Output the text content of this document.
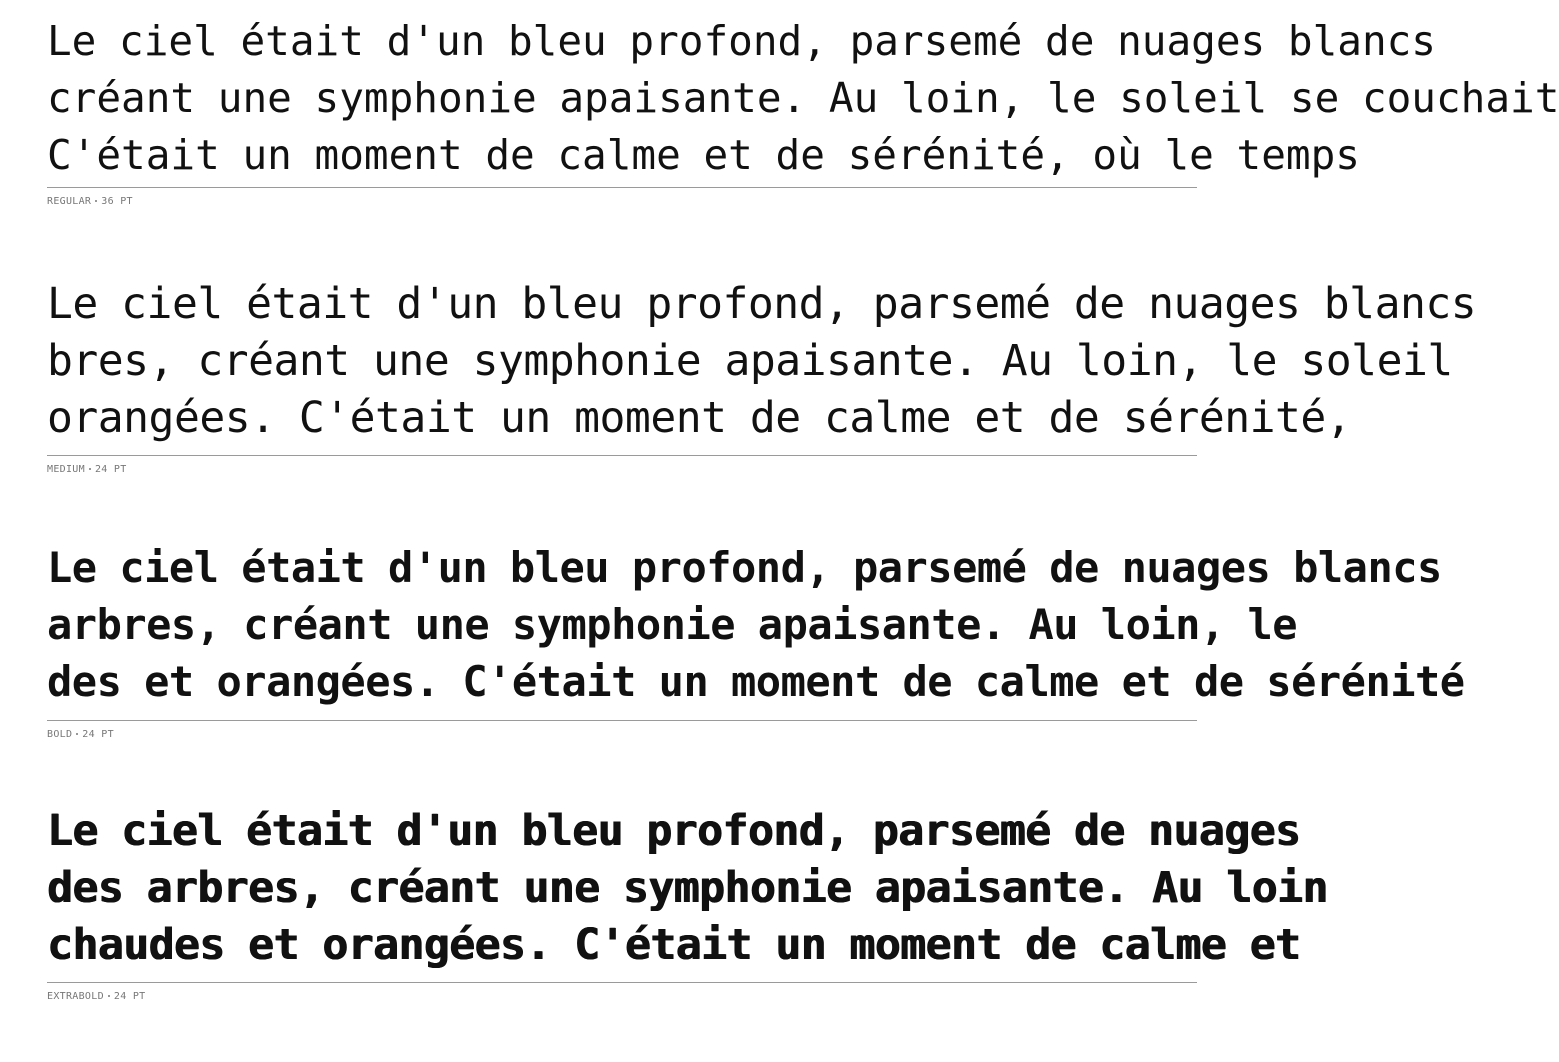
Le ciel était d'un bleu profond, parsemé de nuages blancs
créant une symphonie apaisante. Au loin, le soleil se couchait
C'était un moment de calme et de sérénité, où le temps
REGULAR 36 PT
Le ciel était d'un bleu profond, parsemé de nuages blancs
bres, créant une symphonie apaisante. Au loin, le soleil
orangées. C'était un moment de calme et de sérénité,
MEDIUM 24 PT
Le ciel était d'un bleu profond, parsemé de nuages blancs
arbres, créant une symphonie apaisante. Au loin, le
des et orangées. C'était un moment de calme et de sérénité
BOLD 24 PT
Le ciel était d'un bleu profond, parsemé de nuages
des arbres, créant une symphonie apaisante. Au loin
chaudes et orangées. C'était un moment de calme et
EXTRABOLD 24 PT
